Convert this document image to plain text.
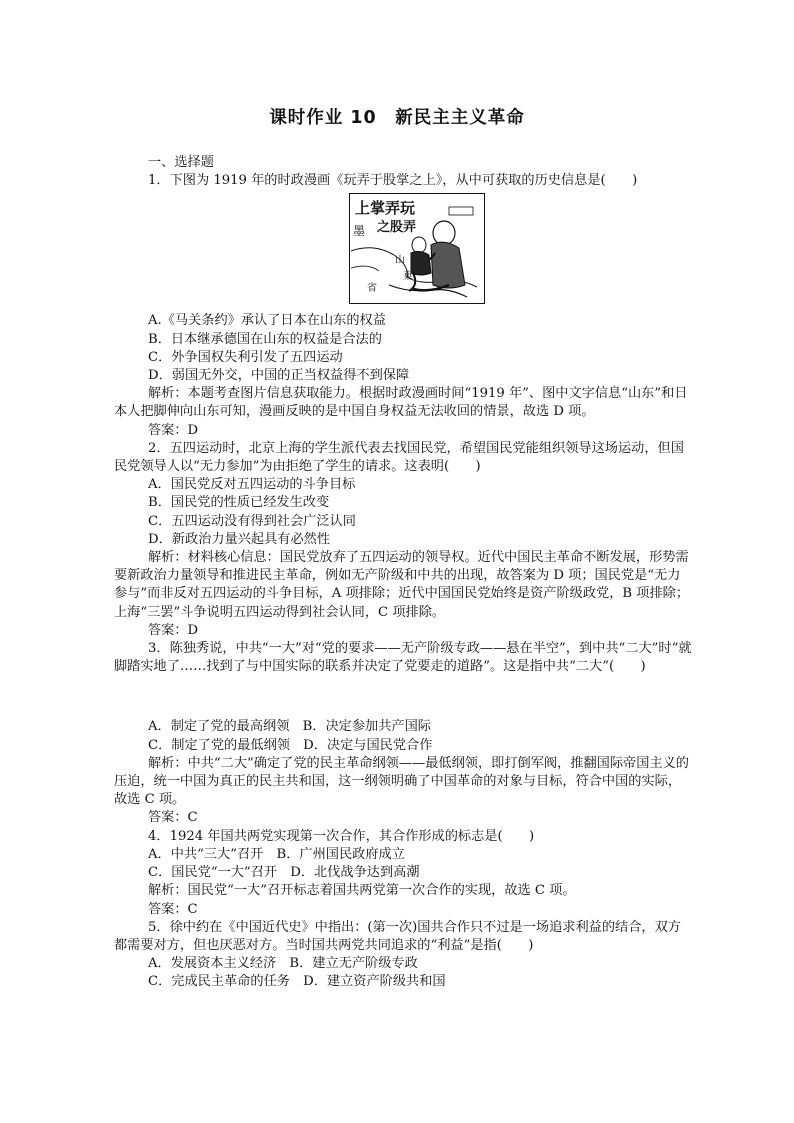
课时作业 10　新民主主义革命

一、选择题

1．下图为 1919 年的时政漫画《玩弄于股掌之上》，从中可获取的历史信息是(　　)

上掌弄玩
之股弄
墨
山
東
省

A.《马关条约》承认了日本在山东的权益

B．日本继承德国在山东的权益是合法的

C．外争国权失利引发了五四运动

D．弱国无外交，中国的正当权益得不到保障

解析：本题考查图片信息获取能力。根据时政漫画时间“1919 年”、图中文字信息“山东”和日本人把脚伸向山东可知，漫画反映的是中国自身权益无法收回的情景，故选 D 项。

答案：D

2．五四运动时，北京上海的学生派代表去找国民党，希望国民党能组织领导这场运动，但国民党领导人以“无力参加”为由拒绝了学生的请求。这表明(　　)

A．国民党反对五四运动的斗争目标

B．国民党的性质已经发生改变

C．五四运动没有得到社会广泛认同

D．新政治力量兴起具有必然性

解析：材料核心信息：国民党放弃了五四运动的领导权。近代中国民主革命不断发展，形势需要新政治力量领导和推进民主革命，例如无产阶级和中共的出现，故答案为 D 项；国民党是“无力参与”而非反对五四运动的斗争目标，A 项排除；近代中国国民党始终是资产阶级政党，B 项排除；上海“三罢”斗争说明五四运动得到社会认同，C 项排除。

答案：D

3．陈独秀说，中共“一大”对“党的要求——无产阶级专政——悬在半空”，到中共“二大”时“就脚踏实地了……找到了与中国实际的联系并决定了党要走的道路”。这是指中共“二大”(　　)

A．制定了党的最高纲领　B．决定参加共产国际

C．制定了党的最低纲领　D．决定与国民党合作

解析：中共“二大”确定了党的民主革命纲领——最低纲领，即打倒军阀，推翻国际帝国主义的压迫，统一中国为真正的民主共和国，这一纲领明确了中国革命的对象与目标，符合中国的实际，故选 C 项。

答案：C

4．1924 年国共两党实现第一次合作，其合作形成的标志是(　　)

A．中共“三大”召开　B．广州国民政府成立

C．国民党“一大”召开　D．北伐战争达到高潮

解析：国民党“一大”召开标志着国共两党第一次合作的实现，故选 C 项。

答案：C

5．徐中约在《中国近代史》中指出：(第一次)国共合作只不过是一场追求利益的结合，双方都需要对方，但也厌恶对方。当时国共两党共同追求的“利益”是指(　　)

A．发展资本主义经济　B．建立无产阶级专政

C．完成民主革命的任务　D．建立资产阶级共和国
